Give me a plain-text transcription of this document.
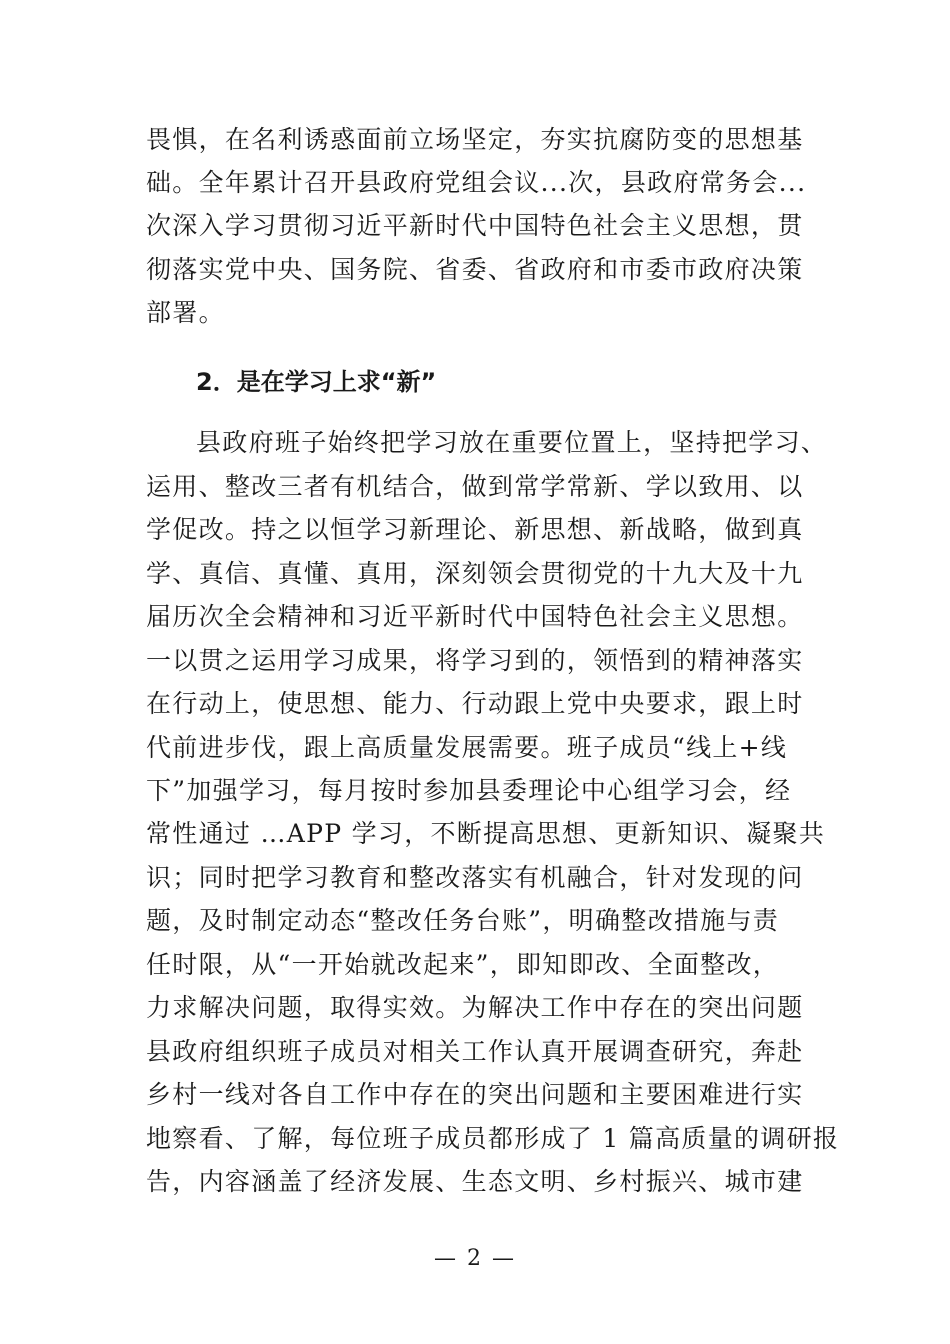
畏惧，在名利诱惑面前立场坚定，夯实抗腐防变的思想基
础。全年累计召开县政府党组会议...次，县政府常务会...
次深入学习贯彻习近平新时代中国特色社会主义思想，贯
彻落实党中央、国务院、省委、省政府和市委市政府决策
部署。
2．是在学习上求“新”
县政府班子始终把学习放在重要位置上，坚持把学习、
运用、整改三者有机结合，做到常学常新、学以致用、以
学促改。持之以恒学习新理论、新思想、新战略，做到真
学、真信、真懂、真用，深刻领会贯彻党的十九大及十九
届历次全会精神和习近平新时代中国特色社会主义思想。
一以贯之运用学习成果，将学习到的，领悟到的精神落实
在行动上，使思想、能力、行动跟上党中央要求，跟上时
代前进步伐，跟上高质量发展需要。班子成员“线上+线
下”加强学习，每月按时参加县委理论中心组学习会，经
常性通过 …APP 学习，不断提高思想、更新知识、凝聚共
识；同时把学习教育和整改落实有机融合，针对发现的问
题，及时制定动态“整改任务台账”，明确整改措施与责
任时限，从“一开始就改起来”，即知即改、全面整改，
力求解决问题，取得实效。为解决工作中存在的突出问题
县政府组织班子成员对相关工作认真开展调查研究，奔赴
乡村一线对各自工作中存在的突出问题和主要困难进行实
地察看、了解，每位班子成员都形成了 1 篇高质量的调研报
告，内容涵盖了经济发展、生态文明、乡村振兴、城市建
— 2 —
